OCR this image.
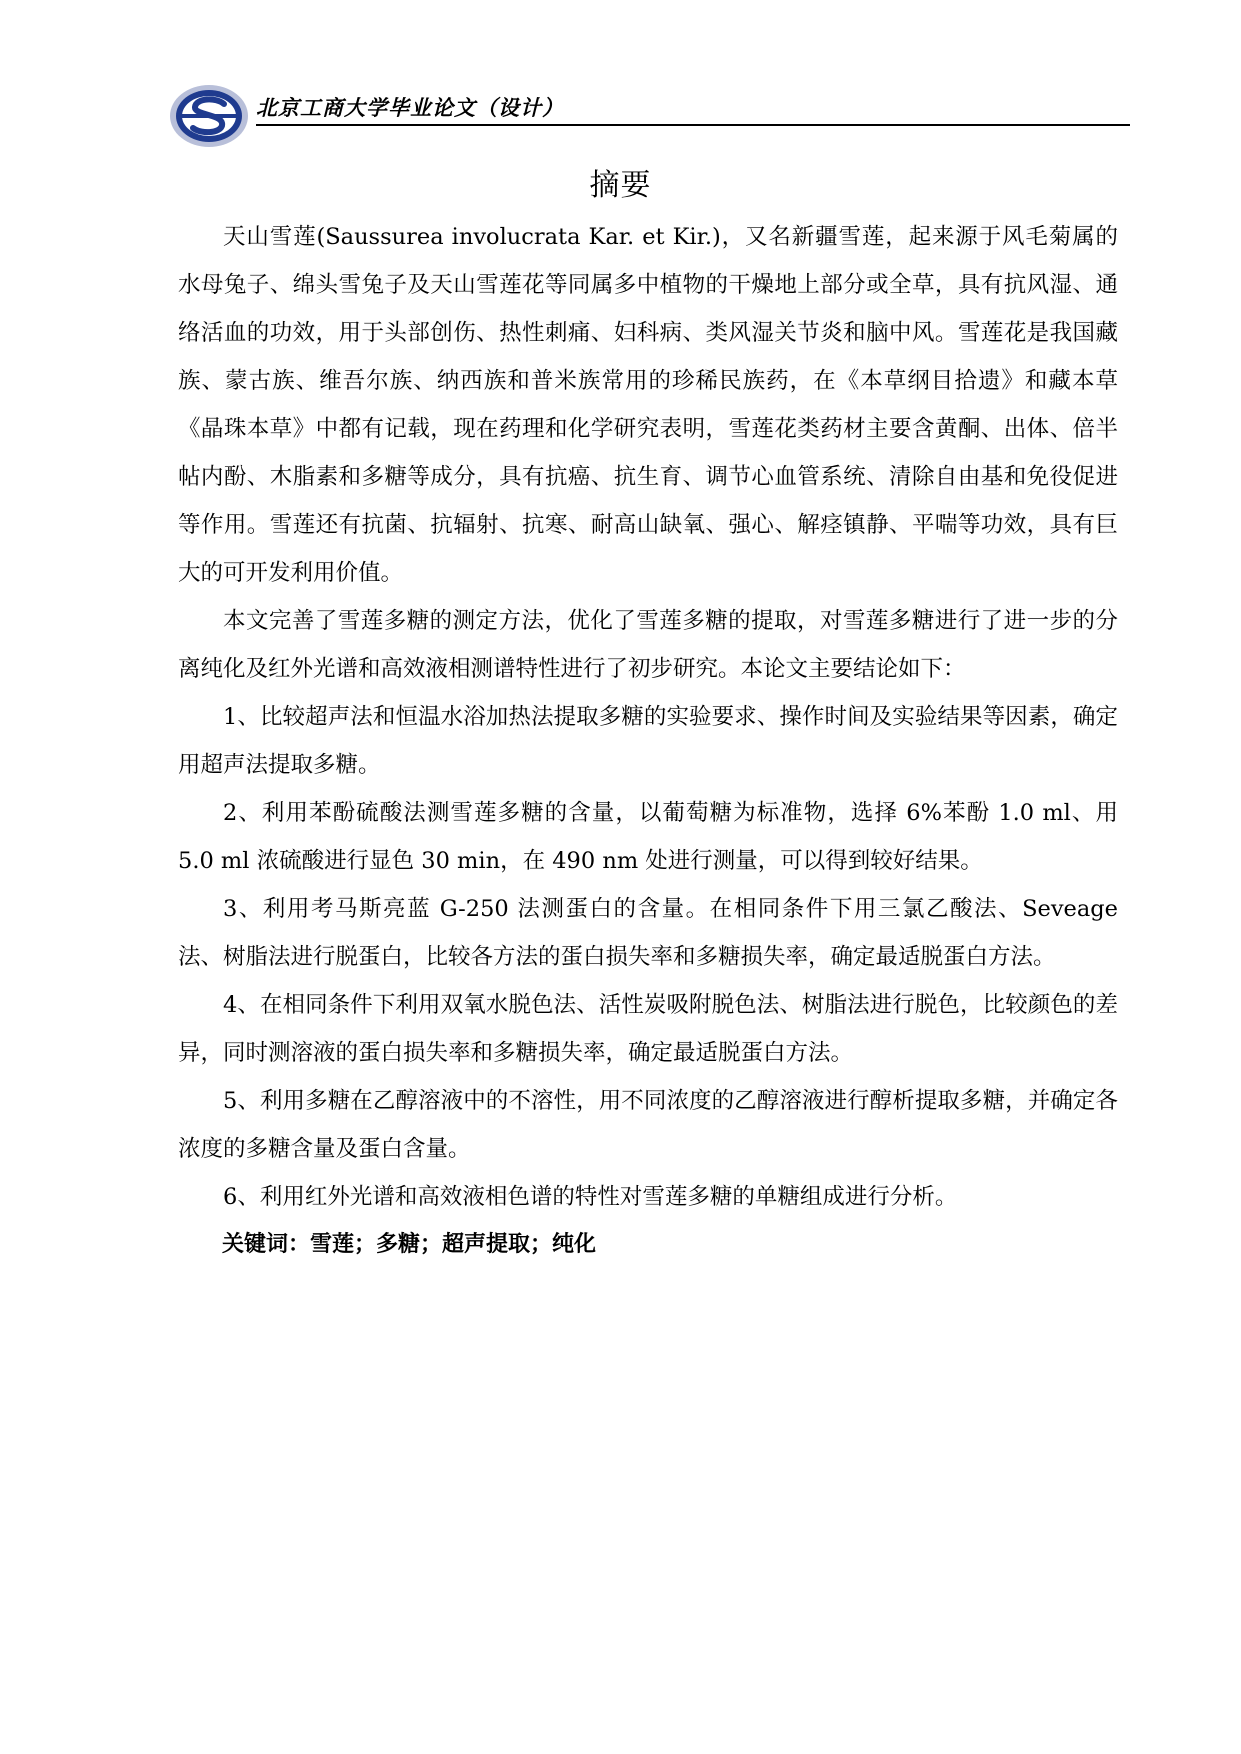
北京工商大学毕业论文（设计）
摘要

天山雪莲(Saussurea involucrata Kar. et Kir.)，又名新疆雪莲，起来源于风毛菊属的水母兔子、绵头雪兔子及天山雪莲花等同属多中植物的干燥地上部分或全草，具有抗风湿、通络活血的功效，用于头部创伤、热性刺痛、妇科病、类风湿关节炎和脑中风。雪莲花是我国藏族、蒙古族、维吾尔族、纳西族和普米族常用的珍稀民族药，在《本草纲目拾遗》和藏本草《晶珠本草》中都有记载，现在药理和化学研究表明，雪莲花类药材主要含黄酮、出体、倍半帖内酚、木脂素和多糖等成分，具有抗癌、抗生育、调节心血管系统、清除自由基和免役促进等作用。雪莲还有抗菌、抗辐射、抗寒、耐高山缺氧、强心、解痉镇静、平喘等功效，具有巨大的可开发利用价值。

本文完善了雪莲多糖的测定方法，优化了雪莲多糖的提取，对雪莲多糖进行了进一步的分离纯化及红外光谱和高效液相测谱特性进行了初步研究。本论文主要结论如下：

1、比较超声法和恒温水浴加热法提取多糖的实验要求、操作时间及实验结果等因素，确定用超声法提取多糖。

2、利用苯酚硫酸法测雪莲多糖的含量，以葡萄糖为标准物，选择 6%苯酚 1.0 ml、用 5.0 ml 浓硫酸进行显色 30 min，在 490 nm 处进行测量，可以得到较好结果。

3、利用考马斯亮蓝 G-250 法测蛋白的含量。在相同条件下用三氯乙酸法、Seveage 法、树脂法进行脱蛋白，比较各方法的蛋白损失率和多糖损失率，确定最适脱蛋白方法。

4、在相同条件下利用双氧水脱色法、活性炭吸附脱色法、树脂法进行脱色，比较颜色的差异，同时测溶液的蛋白损失率和多糖损失率，确定最适脱蛋白方法。

5、利用多糖在乙醇溶液中的不溶性，用不同浓度的乙醇溶液进行醇析提取多糖，并确定各浓度的多糖含量及蛋白含量。

6、利用红外光谱和高效液相色谱的特性对雪莲多糖的单糖组成进行分析。

关键词：雪莲；多糖；超声提取；纯化
